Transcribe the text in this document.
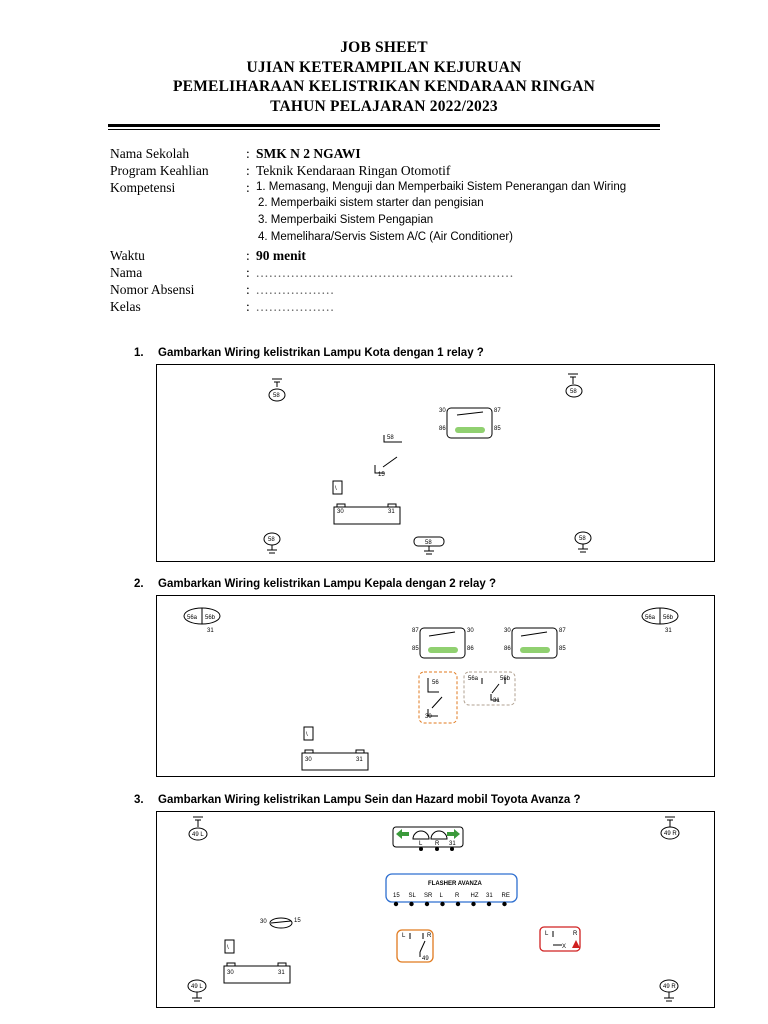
JOB SHEET
UJIAN KETERAMPILAN KEJURUAN
PEMELIHARAAN KELISTRIKAN KENDARAAN RINGAN
TAHUN PELAJARAN 2022/2023
Nama Sekolah	: SMK N 2 NGAWI
Program Keahlian	: Teknik Kendaraan Ringan Otomotif
Kompetensi	: 1. Memasang, Menguji dan Memperbaiki Sistem Penerangan dan Wiring
2. Memperbaiki sistem starter dan pengisian
3. Memperbaiki Sistem Pengapian
4. Memelihara/Servis Sistem A/C (Air Conditioner)
Waktu	: 90 menit
Nama	: ...........................................................
Nomor Absensi	: ..................
Kelas	: ..................
1. Gambarkan Wiring kelistrikan Lampu Kota dengan 1 relay ?
58
58
30	87
86	85
58
15
\
30	31
58	58
58
2. Gambarkan Wiring kelistrikan Lampu Kepala dengan 2 relay ?
56a 56b
31
56a 56b
31
87	30
85	86
30	87
86	85
56
30
56a	56b
31
\
30	31
3. Gambarkan Wiring kelistrikan Lampu Sein dan Hazard mobil Toyota Avanza ?
49 L	49 R
L R 31
FLASHER AVANZA
15 SL SR L R HZ 31 RE
30	15
\
30	31
L	R
49
L	R
X
49 L	49 R
